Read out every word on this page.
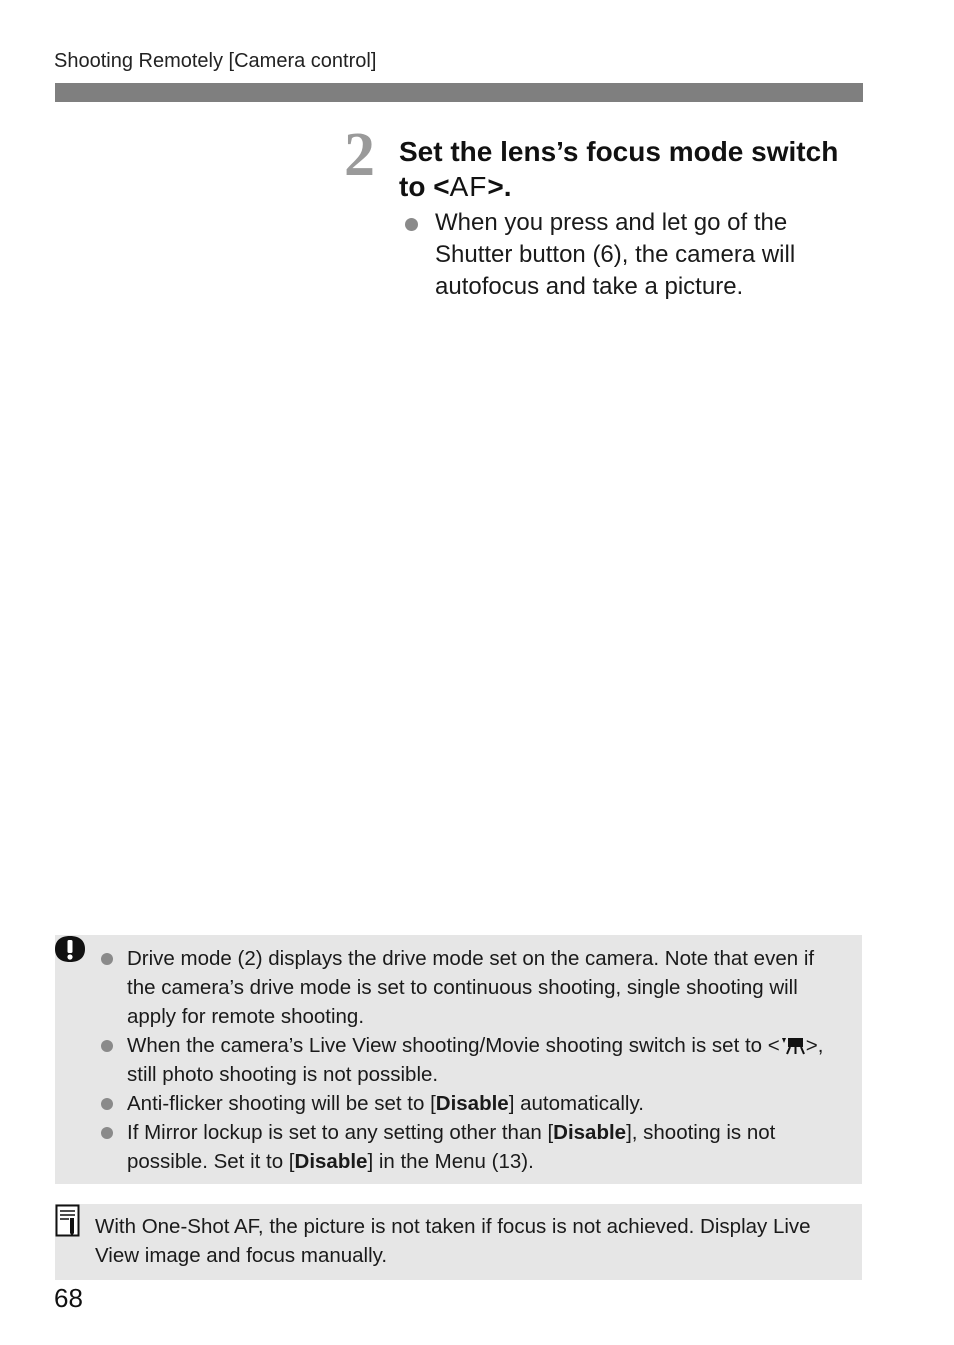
Shooting Remotely [Camera control]
2 Set the lens’s focus mode switch to <AF>.
When you press and let go of the Shutter button (6), the camera will autofocus and take a picture.
Drive mode (2) displays the drive mode set on the camera. Note that even if the camera’s drive mode is set to continuous shooting, single shooting will apply for remote shooting.
When the camera’s Live View shooting/Movie shooting switch is set to < >, still photo shooting is not possible.
Anti-flicker shooting will be set to [Disable] automatically.
If Mirror lockup is set to any setting other than [Disable], shooting is not possible. Set it to [Disable] in the Menu (13).
With One-Shot AF, the picture is not taken if focus is not achieved. Display Live View image and focus manually.
68
